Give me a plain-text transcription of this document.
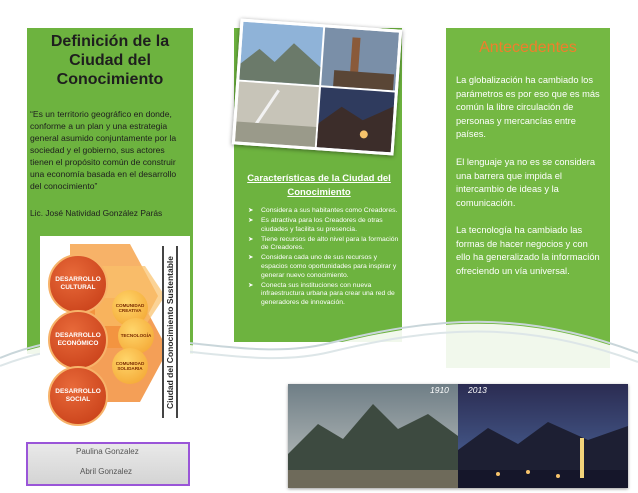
Definición de la Ciudad del Conocimiento
“Es un territorio geográfico en donde, conforme a un plan y una estrategia general asumido conjuntamente por la sociedad y el gobierno, sus actores tienen el propósito común de construir una economía basada en el desarrollo del conocimiento”
Lic. José Natividad González Parás
DESARROLLO CULTURAL
DESARROLLO ECONÓMICO
DESARROLLO SOCIAL
COMUNIDAD CREATIVA
TECNOLOGÍA
COMUNIDAD SOLIDARIA	Ciudad del Conocimiento Sustentable
Paulina Gonzalez
Abril Gonzalez
Características de la Ciudad del Conocimiento
➤ Considera a sus habitantes como Creadores.
➤ Es atractiva para los Creadores de otras ciudades y facilita su presencia.
➤ Tiene recursos de alto nivel para la formación de Creadores.
➤ Considera cada uno de sus recursos y espacios como oportunidades para inspirar y generar nuevo conocimiento.
➤ Conecta sus instituciones con nueva infraestructura urbana para crear una red de generadores de innovación.
Antecedentes
La globalización ha cambiado los parámetros es por eso que es más común la libre circulación de personas y mercancías entre países.
El lenguaje ya no es se considera una barrera que impida el intercambio de ideas y la comunicación.
La tecnología ha cambiado las formas de hacer negocios y con ello ha generalizado la información ofreciendo un vía universal.
1910 2013
